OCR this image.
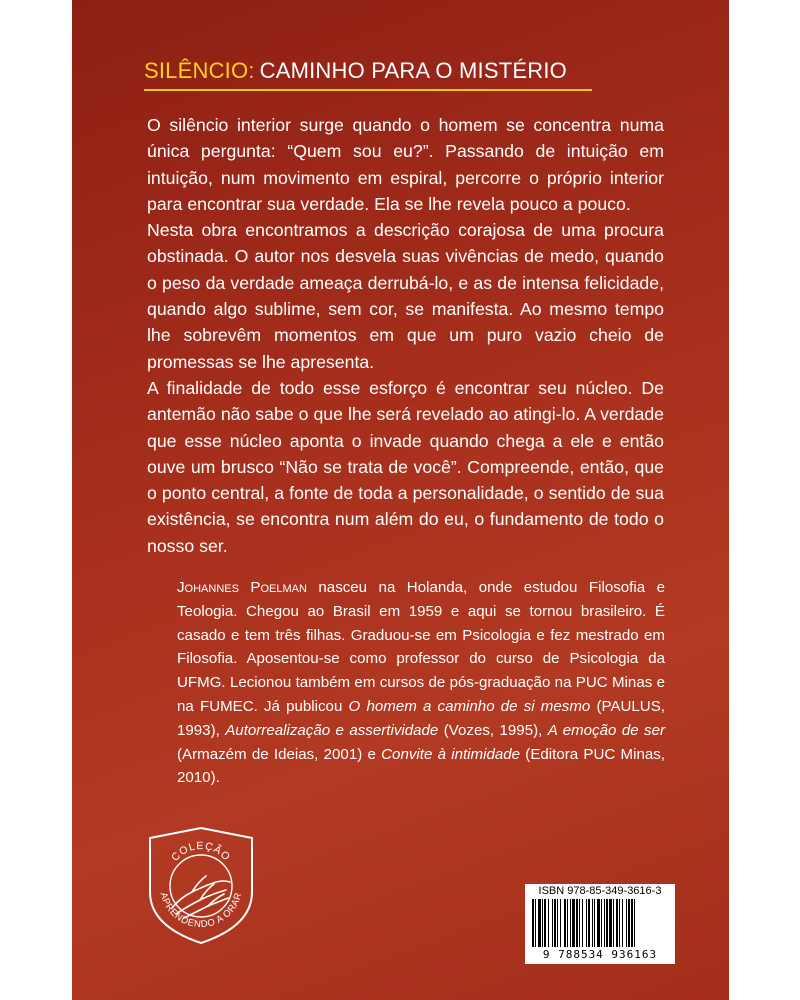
SILÊNCIO: CAMINHO PARA O MISTÉRIO

O silêncio interior surge quando o homem se concentra numa única pergunta: “Quem sou eu?”. Passando de intuição em intuição, num movimento em espiral, percorre o próprio interior para encontrar sua verdade. Ela se lhe revela pouco a pouco.

Nesta obra encontramos a descrição corajosa de uma procura obstinada. O autor nos desvela suas vivências de medo, quando o peso da verdade ameaça derrubá-lo, e as de intensa felicidade, quando algo sublime, sem cor, se manifesta. Ao mesmo tempo lhe sobrevêm momentos em que um puro vazio cheio de promessas se lhe apresenta.

A finalidade de todo esse esforço é encontrar seu núcleo. De antemão não sabe o que lhe será revelado ao atingi-lo. A verdade que esse núcleo aponta o invade quando chega a ele e então ouve um brusco “Não se trata de você”. Compreende, então, que o ponto central, a fonte de toda a personalidade, o sentido de sua existência, se encontra num além do eu, o fundamento de todo o nosso ser.

Johannes Poelman nasceu na Holanda, onde estudou Filosofia e Teologia. Chegou ao Brasil em 1959 e aqui se tornou brasileiro. É casado e tem três filhas. Graduou-se em Psicologia e fez mestrado em Filosofia. Aposentou-se como professor do curso de Psicologia da UFMG. Lecionou também em cursos de pós-graduação na PUC Minas e na FUMEC. Já publicou O homem a caminho de si mesmo (PAULUS, 1993), Autorrealização e assertividade (Vozes, 1995), A emoção de ser (Armazém de Ideias, 2001) e Convite à intimidade (Editora PUC Minas, 2010).
COLEÇÃO
APRENDENDO A ORAR	ISBN 978-85-349-3616-3
9 788534 936163
